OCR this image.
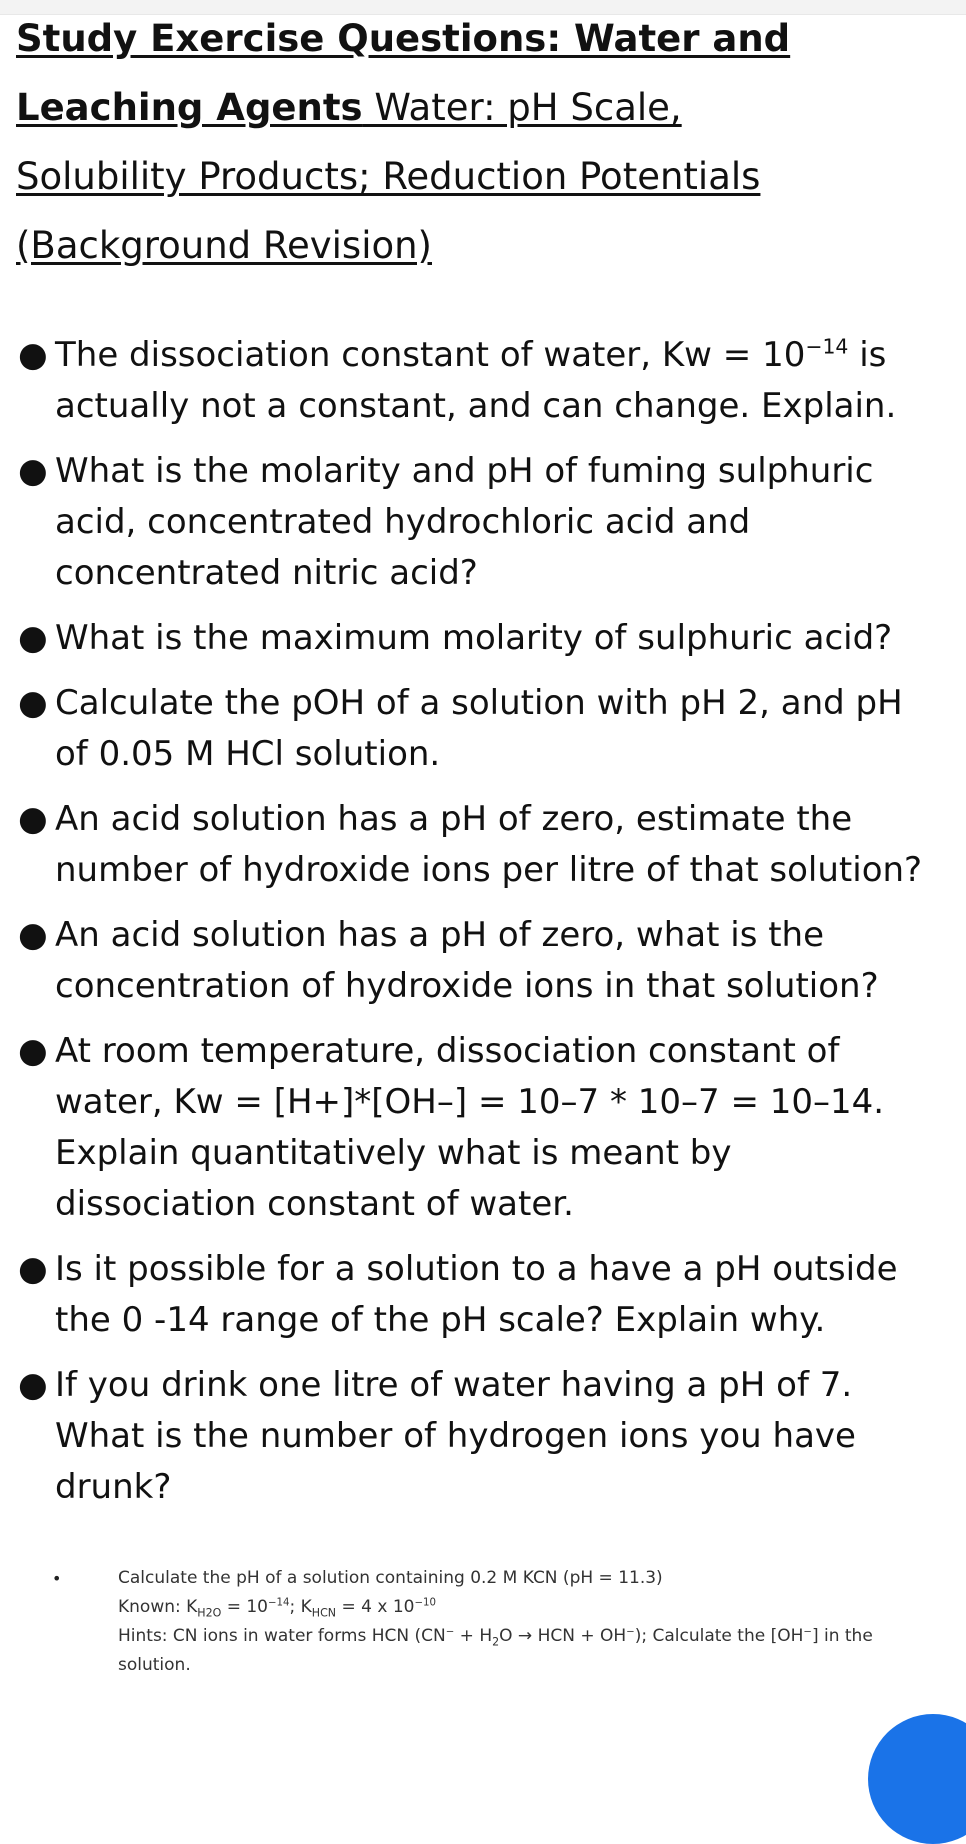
Study Exercise Questions: Water and
Leaching Agents Water: pH Scale,
Solubility Products; Reduction Potentials
(Background Revision)
● The dissociation constant of water, $Kw = 10^{-14}$ is actually not a constant, and can change. Explain.
● What is the molarity and pH of fuming sulphuric acid, concentrated hydrochloric acid and concentrated nitric acid?
● What is the maximum molarity of sulphuric acid?
● Calculate the pOH of a solution with pH 2, and pH of 0.05 M HCl solution.
● An acid solution has a pH of zero, estimate the number of hydroxide ions per litre of that solution?
● An acid solution has a pH of zero, what is the concentration of hydroxide ions in that solution?
● At room temperature, dissociation constant of water, Kw = [H+]*[OH–] = 10–7 * 10–7 = 10–14. Explain quantitatively what is meant by dissociation constant of water.
● Is it possible for a solution to a have a pH outside the 0 -14 range of the pH scale? Explain why.
● If you drink one litre of water having a pH of 7. What is the number of hydrogen ions you have drunk?
•	Calculate the pH of a solution containing 0.2 M KCN (pH = 11.3)
Known: $K_{H2O} = 10^{-14}$; $K_{HCN} = 4$ x $10^{-10}$
Hints: CN ions in water forms HCN ($CN^- + H_2O$ → HCN + OH−); Calculate the [OH−] in the solution.
